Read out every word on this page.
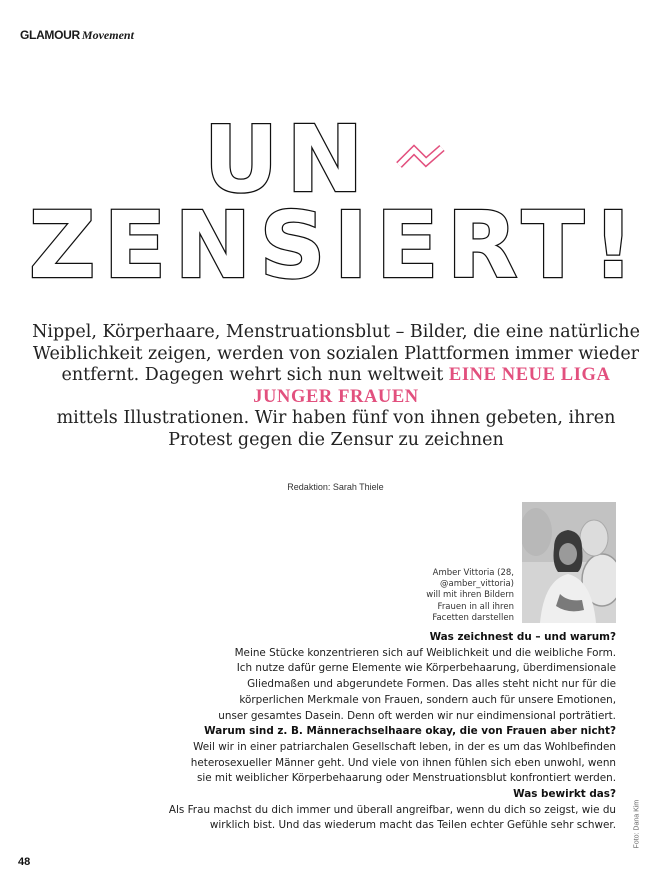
GLAMOUR Movement
UN
ZENSIERT!
Nippel, Körperhaare, Menstruationsblut – Bilder, die eine natürliche Weiblichkeit zeigen, werden von sozialen Plattformen immer wieder entfernt. Dagegen wehrt sich nun weltweit EINE NEUE LIGA JUNGER FRAUEN
mittels Illustrationen. Wir haben fünf von ihnen gebeten, ihren Protest gegen die Zensur zu zeichnen
Redaktion: Sarah Thiele
Amber Vittoria (28,
@amber_vittoria)
will mit ihren Bildern
Frauen in all ihren
Facetten darstellen

Was zeichnest du – und warum?

Meine Stücke konzentrieren sich auf Weiblichkeit und die weibliche Form.

Ich nutze dafür gerne Elemente wie Körperbehaarung, überdimensionale

Gliedmaßen und abgerundete Formen. Das alles steht nicht nur für die

körperlichen Merkmale von Frauen, sondern auch für unsere Emotionen,

unser gesamtes Dasein. Denn oft werden wir nur eindimensional porträtiert.

Warum sind z. B. Männerachselhaare okay, die von Frauen aber nicht?

Weil wir in einer patriarchalen Gesellschaft leben, in der es um das Wohlbefinden

heterosexueller Männer geht. Und viele von ihnen fühlen sich eben unwohl, wenn

sie mit weiblicher Körperbehaarung oder Menstruationsblut konfrontiert werden.

Was bewirkt das?

Als Frau machst du dich immer und überall angreifbar, wenn du dich so zeigst, wie du

wirklich bist. Und das wiederum macht das Teilen echter Gefühle sehr schwer.	Foto: Dana Kim
48
